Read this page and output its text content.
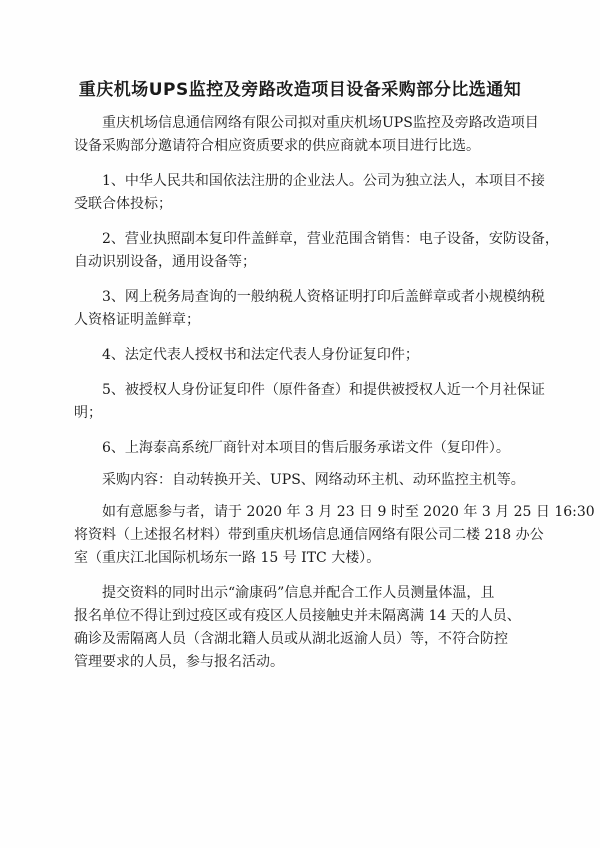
重庆机场UPS监控及旁路改造项目设备采购部分比选通知

重庆机场信息通信网络有限公司拟对重庆机场UPS监控及旁路改造项目
设备采购部分邀请符合相应资质要求的供应商就本项目进行比选。

1、中华人民共和国依法注册的企业法人。公司为独立法人，本项目不接
受联合体投标；

2、营业执照副本复印件盖鲜章，营业范围含销售：电子设备，安防设备，
自动识别设备，通用设备等；

3、网上税务局查询的一般纳税人资格证明打印后盖鲜章或者小规模纳税
人资格证明盖鲜章；

4、法定代表人授权书和法定代表人身份证复印件；

5、被授权人身份证复印件（原件备查）和提供被授权人近一个月社保证
明；

6、上海泰高系统厂商针对本项目的售后服务承诺文件（复印件）。

采购内容：自动转换开关、UPS、网络动环主机、动环监控主机等。

如有意愿参与者，请于 2020 年 3 月 23 日 9 时至 2020 年 3 月 25 日 16:30
将资料（上述报名材料）带到重庆机场信息通信网络有限公司二楼 218 办公
室（重庆江北国际机场东一路 15 号 ITC 大楼）。

提交资料的同时出示“渝康码”信息并配合工作人员测量体温，且
报名单位不得让到过疫区或有疫区人员接触史并未隔离满 14 天的人员、
确诊及需隔离人员（含湖北籍人员或从湖北返渝人员）等，不符合防控
管理要求的人员，参与报名活动。
